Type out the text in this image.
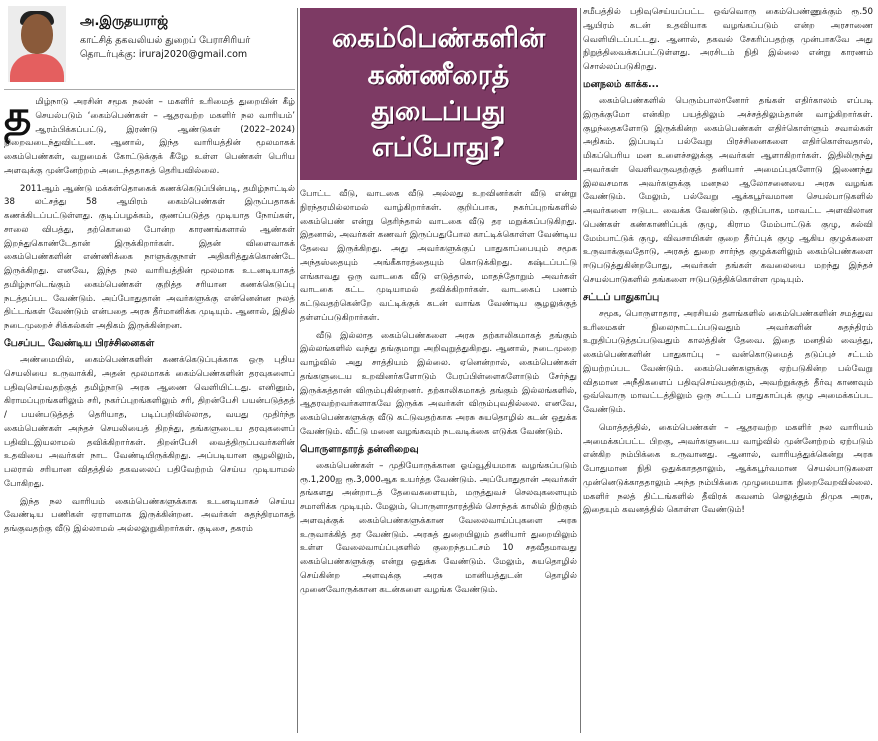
அ.இருதயராஜ்
காட்சித் தகவலியல் துறைப் பேராசிரியர்
தொடர்புக்கு: iruraj2020@gmail.com

தமிழ்நாடு அரசின் சமூக நலன் – மகளிர் உரிமைத் துறையின் கீழ் செயல்படும் ‘கைம்பெண்கள் – ஆதரவற்ற மகளிர் நல வாரியம்’ ஆரம்பிக்கப்பட்டு, இரண்டு ஆண்டுகள் (2022–2024) நிறைவடைந்துவிட்டன. ஆனால், இந்த வாரியத்தின் மூலமாகக் கைம்பெண்கள், வறுமைக் கோட்டுக்குக் கீழே உள்ள பெண்கள் பெரிய அளவுக்கு முன்னேற்றம் அடைந்ததாகத் தெரியவில்லை.

2011ஆம் ஆண்டு மக்கள்தொகைக் கணக்கெடுப்பின்படி, தமிழ்நாட்டில் 38 லட்சத்து 58 ஆயிரம் கைம்பெண்கள் இருப்பதாகக் கணக்கிடப்பட்டுள்ளது. குடிப்பழக்கம், குணப்படுத்த முடியாத நோய்கள், சாலை விபத்து, தற்கொலை போன்ற காரணங்களால் ஆண்கள் இறந்துகொண்டேதான் இருக்கிறார்கள். இதன் விளைவாகக் கைம்பெண்களின் எண்ணிக்கை நாளுக்குநாள் அதிகரித்துக்கொண்டே இருக்கிறது. எனவே, இந்த நல வாரியத்தின் மூலமாக உடனடியாகத் தமிழ்நாடெங்கும் கைம்பெண்கள் குறித்த சரியான கணக்கெடுப்பு நடத்தப்பட வேண்டும். அப்போதுதான் அவர்களுக்கு என்னென்ன நலத் திட்டங்கள் வேண்டும் என்பதை அரசு தீர்மானிக்க முடியும். ஆனால், இதில் நடைமுறைச் சிக்கல்கள் அதிகம் இருக்கின்றன.

பேசப்பட வேண்டிய பிரச்சினைகள்

அண்மையில், கைம்பெண்களின் கணக்கெடுப்புக்காக ஒரு புதிய செயலியை உருவாக்கி, அதன் மூலமாகக் கைம்பெண்களின் தரவுகளைப் பதிவுசெய்வதற்குத் தமிழ்நாடு அரசு ஆணை வெளியிட்டது. எனினும், கிராமப்புறங்களிலும் சரி, நகர்ப்புறங்களிலும் சரி, திறன்பேசி பயன்படுத்தத் / பயன்படுத்தத் தெரியாத, படிப்பறிவில்லாத, வயது முதிர்ந்த கைம்பெண்கள் அந்தச் செயலியைத் திறந்து, தங்களுடைய தரவுகளைப் பதிவிடஇயலாமல் தவிக்கிறார்கள். திறன்பேசி வைத்திருப்பவர்களின் உதவியை அவர்கள் நாட வேண்டியிருக்கிறது. அப்படியான சூழலிலும், பலரால் சரியான விதத்தில் தகவலைப் பதிவேற்றம் செய்ய முடியாமல் போகிறது.

இந்த நல வாரியம் கைம்பெண்களுக்காக உடனடியாகச் செய்ய வேண்டிய பணிகள் ஏராளமாக இருக்கின்றன. அவர்கள் சுதந்திரமாகத் தங்குவதற்கு வீடு இல்லாமல் அல்லலுறுகிறார்கள். குடிசை, தகரம்

கைம்பெண்களின்
கண்ணீரைத்
துடைப்பது
எப்போது?

போட்ட வீடு, வாடகை வீடு அல்லது உறவினர்கள் வீடு என்று நிரந்தரமில்லாமல் வாழ்கிறார்கள். குறிப்பாக, நகர்ப்புறங்களில் கைம்பெண் என்று தெரிந்தால் வாடகை வீடு தர மறுக்கப்படுகிறது. இதனால், அவர்கள் கணவர் இருப்பதுபோல காட்டிக்கொள்ள வேண்டிய தேவை இருக்கிறது. அது அவர்களுக்குப் பாதுகாப்பையும் சமூக அந்தஸ்தையும் அங்கீகாரத்தையும் கொடுக்கிறது. கஷ்டப்பட்டு எங்காவது ஒரு வாடகை வீடு எடுத்தால், மாதந்தோறும் அவர்கள் வாடகை கட்ட முடியாமல் தவிக்கிறார்கள். வாடகைப் பணம் கட்டுவதற்கென்றே வட்டிக்குக் கடன் வாங்க வேண்டிய சூழலுக்குத் தள்ளப்படுகிறார்கள்.

வீடு இல்லாத கைம்பெண்களை அரசு தற்காலிகமாகத் தங்கும் இல்லங்களில் வந்து தங்குமாறு அறிவுறுத்துகிறது. ஆனால், நடைமுறை வாழ்வில் அது சாத்தியம் இல்லை. ஏனென்றால், கைம்பெண்கள் தங்களுடைய உறவினர்களோடும் பேரப்பிள்ளைகளோடும் சேர்ந்து இருக்கத்தான் விரும்புகின்றனர். தற்காலிகமாகத் தங்கும் இல்லங்களில், ஆதரவற்றவர்களாகவே இருக்க அவர்கள் விரும்புவதில்லை. எனவே, கைம்பெண்களுக்கு வீடு கட்டுவதற்காக அரசு சுயதொழில் கடன் ஒதுக்க வேண்டும். வீட்டு மனை வழங்கவும் நடவடிக்கை எடுக்க வேண்டும்.

பொருளாதாரத் தன்னிறைவு

கைம்பெண்கள் – முதியோருக்கான ஓய்வூதியமாக வழங்கப்படும் ரூ.1,200ஐ ரூ.3,000ஆக உயர்த்த வேண்டும். அப்போதுதான் அவர்கள் தங்களது அன்றாடத் தேவைகளையும், மருத்துவச் செலவுகளையும் சமாளிக்க முடியும். மேலும், பொருளாதாரத்தில் சொந்தக் காலில் நிற்கும் அளவுக்குக் கைம்பெண்களுக்கான வேலைவாய்ப்புகளை அரசு உருவாக்கித் தர வேண்டும். அரசுத் துறையிலும் தனியார் துறையிலும் உள்ள வேலைவாய்ப்புகளில் குறைந்தபட்சம் 10 சதவீதமாவது கைம்பெண்களுக்கு என்று ஒதுக்க வேண்டும். மேலும், சுயதொழில் செய்கின்ற அளவுக்கு அரசு மானியத்துடன் தொழில் முனைவோருக்கான கடன்களை வழங்க வேண்டும்.

சமீபத்தில் பதிவுசெய்யப்பட்ட ஒவ்வொரு கைம்பெண்ணுக்கும் ரூ.50 ஆயிரம் கடன் உதவியாக வழங்கப்படும் என்ற அரசாணை வெளியிடப்பட்டது. ஆனால், தகவல் சேகரிப்பதற்கு முன்பாகவே அது நிறுத்திவைக்கப்பட்டுள்ளது. அரசிடம் நிதி இல்லை என்று காரணம் சொல்லப்படுகிறது.

மனநலம் காக்க...

கைம்பெண்களில் பெரும்பாலானோர் தங்கள் எதிர்காலம் எப்படி இருக்குமோ என்கிற பயத்திலும் அச்சத்திலும்தான் வாழ்கிறார்கள். குழந்தைகளோடு இருக்கின்ற கைம்பெண்கள் எதிர்கொள்ளும் சவால்கள் அதிகம். இப்படிப் பல்வேறு பிரச்சினைகளை எதிர்கொள்வதால், மிகப்பெரிய மன உளைச்சலுக்கு அவர்கள் ஆளாகிறார்கள். இதிலிருந்து அவர்கள் வெளிவருவதற்குத் தனியார் அமைப்புகளோடு இணைந்து இலவசமாக அவர்களுக்கு மனநல ஆலோசனையை அரசு வழங்க வேண்டும். மேலும், பல்வேறு ஆக்கபூர்வமான செயல்பாடுகளில் அவர்களை ஈடுபட வைக்க வேண்டும். குறிப்பாக, மாவட்ட அளவிலான பெண்கள் கண்காணிப்புக் குழு, கிராம மேம்பாட்டுக் குழு, கல்வி மேம்பாட்டுக் குழு, விவசாயிகள் குறை தீர்ப்புக் குழு ஆகிய குழுக்களை உருவாக்குவதோடு, அரசுத் துறை சார்ந்த குழுக்களிலும் கைம்பெண்களை ஈடுபடுத்துகின்றபோது, அவர்கள் தங்கள் கவலையை மறந்து இந்தச் செயல்பாடுகளில் தங்களை ஈடுபடுத்திக்கொள்ள முடியும்.

சட்டப் பாதுகாப்பு

சமூக, பொருளாதார, அரசியல் தளங்களில் கைம்பெண்களின் சமத்துவ உரிமைகள் நிலைநாட்டப்படுவதும் அவர்களின் சுதந்திரம் உறுதிப்படுத்தப்படுவதும் காலத்தின் தேவை. இதை மனதில் வைத்து, கைம்பெண்களின் பாதுகாப்பு – வன்கொடுமைத் தடுப்புச் சட்டம் இயற்றப்பட வேண்டும். கைம்பெண்களுக்கு ஏற்படுகின்ற பல்வேறு விதமான அநீதிகளைப் பதிவுசெய்வதற்கும், அவற்றுக்குத் தீர்வு காணவும் ஒவ்வொரு மாவட்டத்திலும் ஒரு சட்டப் பாதுகாப்புக் குழு அமைக்கப்பட வேண்டும்.

மொத்தத்தில், கைம்பெண்கள் – ஆதரவற்ற மகளிர் நல வாரியம் அமைக்கப்பட்ட பிறகு, அவர்களுடைய வாழ்வில் முன்னேற்றம் ஏற்படும் என்கிற நம்பிக்கை உருவானது. ஆனால், வாரியத்துக்கென்று அரசு போதுமான நிதி ஒதுக்காததாலும், ஆக்கபூர்வமான செயல்பாடுகளை முன்னெடுக்காததாலும் அந்த நம்பிக்கை முழுமையாக நிறைவேறவில்லை. மகளிர் நலத் திட்டங்களில் தீவிரக் கவனம் செலுத்தும் திமுக அரசு, இதையும் கவனத்தில் கொள்ள வேண்டும்!
